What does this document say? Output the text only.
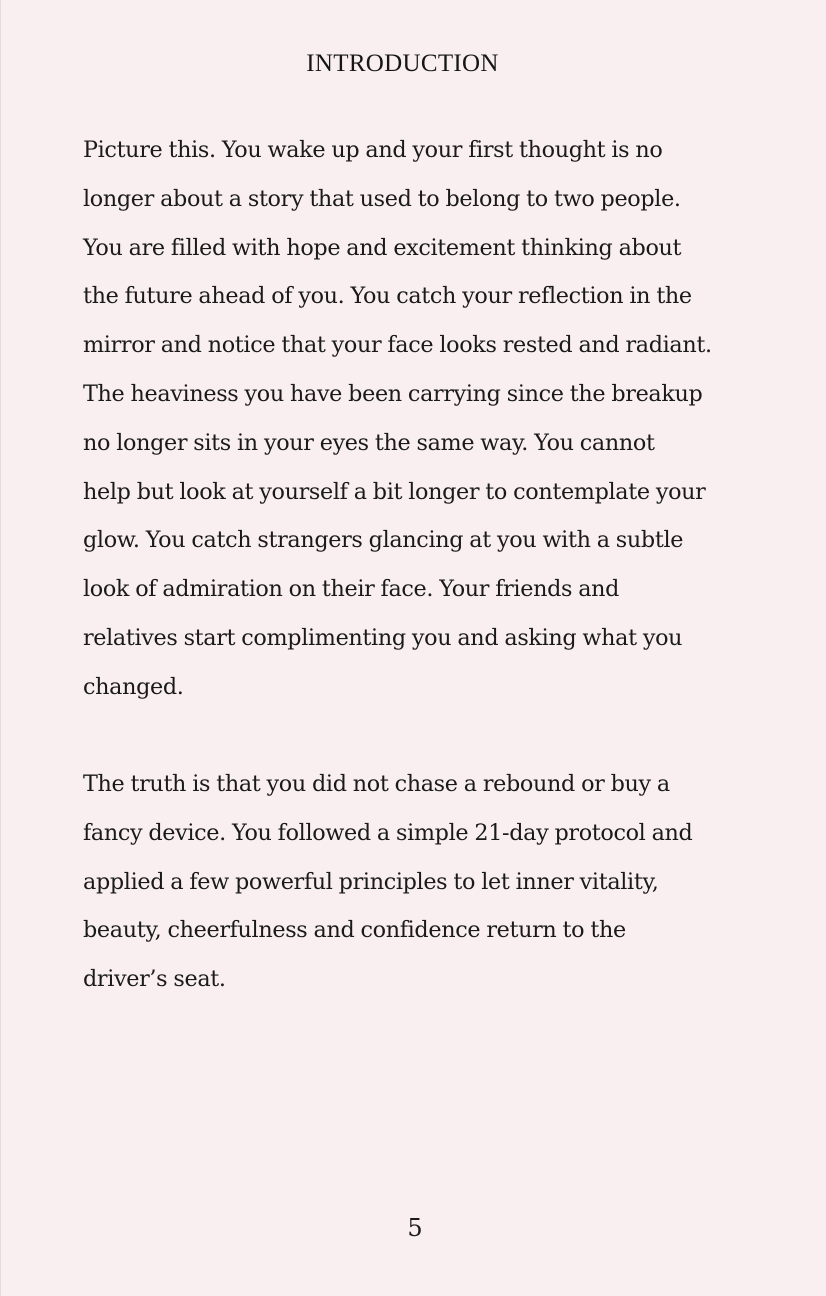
INTRODUCTION

Picture this. You wake up and your first thought is no
longer about a story that used to belong to two people.
You are filled with hope and excitement thinking about
the future ahead of you. You catch your reflection in the
mirror and notice that your face looks rested and radiant.
The heaviness you have been carrying since the breakup
no longer sits in your eyes the same way. You cannot
help but look at yourself a bit longer to contemplate your
glow. You catch strangers glancing at you with a subtle
look of admiration on their face. Your friends and
relatives start complimenting you and asking what you
changed.

The truth is that you did not chase a rebound or buy a
fancy device. You followed a simple 21-day protocol and
applied a few powerful principles to let inner vitality,
beauty, cheerfulness and confidence return to the
driver’s seat.

5
